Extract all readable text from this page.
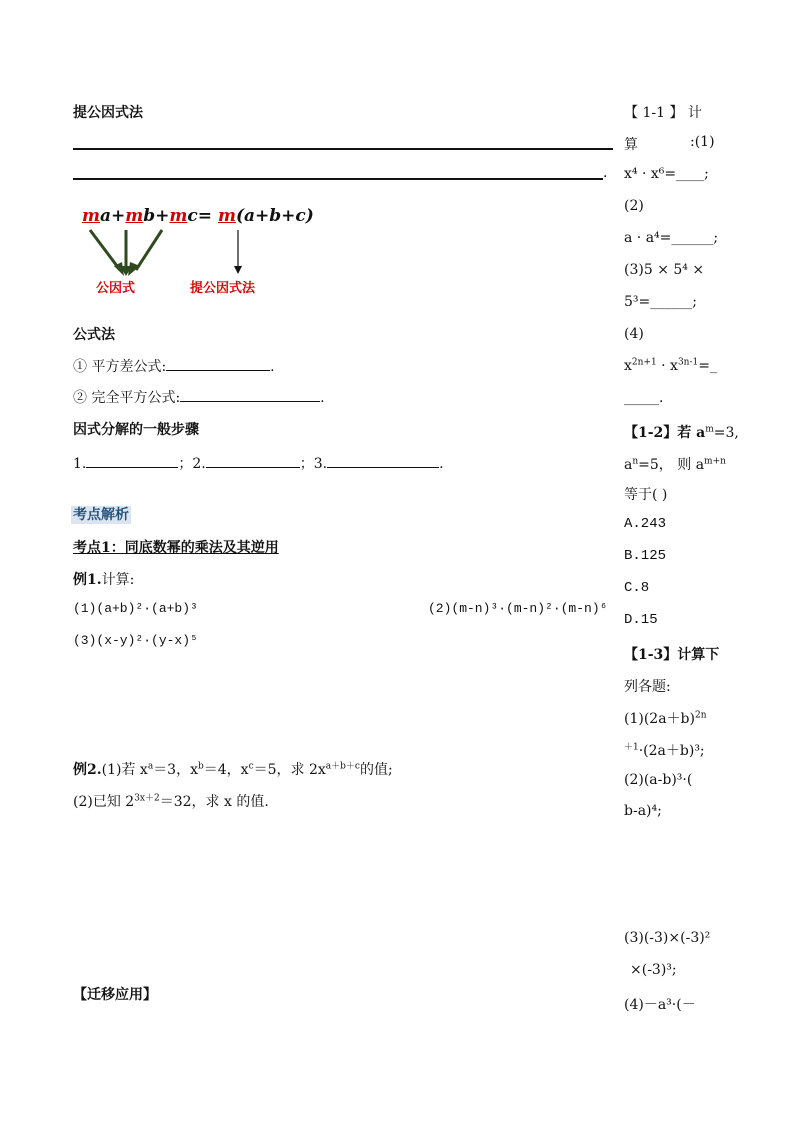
提公因式法
.
ma+mb+mc= m(a+b+c)
公因式	提公因式法
公式法
① 平方差公式:	.
② 完全平方公式:	.
因式分解的一般步骤
1.	；2.	；3.	.
考点解析
考点1：同底数幂的乘法及其逆用
例1.计算:
(1)(a+b)²·(a+b)³	(2)(m-n)³·(m-n)²·(m-n)⁶
(3)(x-y)²·(y-x)⁵
例2.(1)若 $x^a=3$，$x^b=4$，$x^c=5$，求 $2x^{a+b+c}$的值;
(2)已知 $2^{3x+2}=32$，求 x 的值.
【迁移应用】
【 1-1 】 计
算	:(1)
x⁴ · x⁶=____;
(2)
a · a⁴=______;
(3)5 × 5⁴ ×
5³=______;
(4)
$x^{2n+1}$ · $x^{3n-1}=\_$
_____.
【1-2】若 $a^m=3$,
$a^n=5$， 则 $a^{m+n}$
等于( )
A.243
B.125
C.8
D.15
【1-3】计算下
列各题:
$(1)(2a+b)^{2n}$
$^{+1}$·(2a＋b)³;
(2)(a-b)³·(
b-a)⁴;
(3)(-3)×(-3)²
×(-3)³;
(4)－a³·(－
